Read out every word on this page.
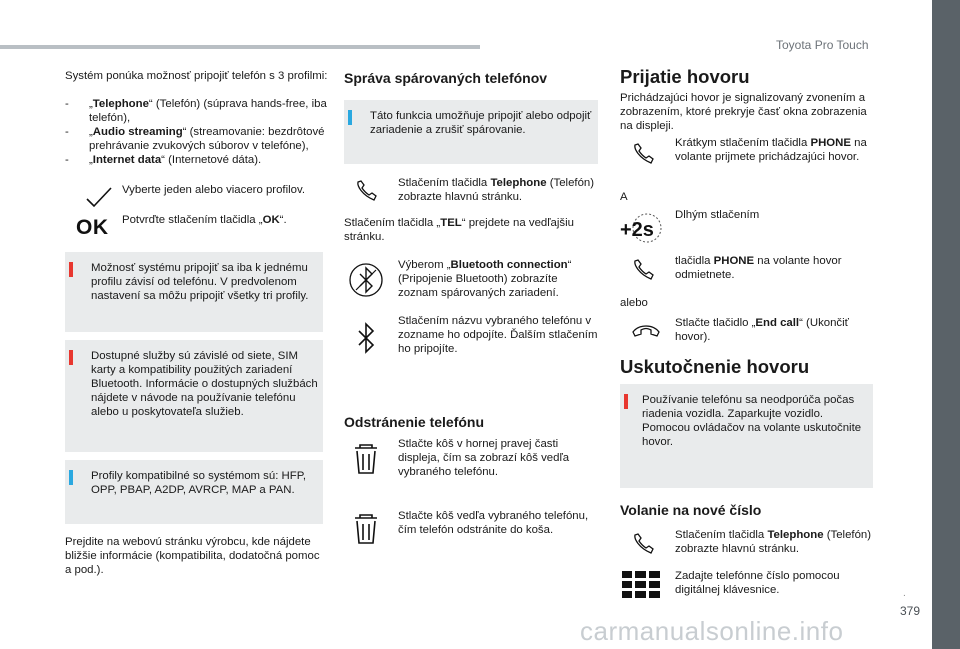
Toyota Pro Touch
.
379
carmanualsonline.info
Systém ponúka možnosť pripojiť telefón s 3 profilmi:
-	„Telephone“ (Telefón) (súprava hands-free, iba telefón),
-	„Audio streaming“ (streamovanie: bezdrôtové prehrávanie zvukových súborov v telefóne),
-	„Internet data“ (Internetové dáta).
Vyberte jeden alebo viacero profilov.
OK Potvrďte stlačením tlačidla „OK“.
Možnosť systému pripojiť sa iba k jednému profilu závisí od telefónu. V predvolenom nastavení sa môžu pripojiť všetky tri profily.
Dostupné služby sú závislé od siete, SIM karty a kompatibility použitých zariadení Bluetooth. Informácie o dostupných službách nájdete v návode na používanie telefónu alebo u poskytovateľa služieb.
Profily kompatibilné so systémom sú: HFP, OPP, PBAP, A2DP, AVRCP, MAP a PAN.
Prejdite na webovú stránku výrobcu, kde nájdete bližšie informácie (kompatibilita, dodatočná pomoc a pod.).
Správa spárovaných telefónov
Táto funkcia umožňuje pripojiť alebo odpojiť zariadenie a zrušiť spárovanie.
Stlačením tlačidla Telephone (Telefón) zobrazte hlavnú stránku.
Stlačením tlačidla „TEL“ prejdete na vedľajšiu stránku.
Výberom „Bluetooth connection“ (Pripojenie Bluetooth) zobrazíte zoznam spárovaných zariadení.
Stlačením názvu vybraného telefónu v zozname ho odpojíte. Ďalším stlačením ho pripojíte.
Odstránenie telefónu
Stlačte kôš v hornej pravej časti displeja, čím sa zobrazí kôš vedľa vybraného telefónu.
Stlačte kôš vedľa vybraného telefónu, čím telefón odstránite do koša.
Prijatie hovoru
Prichádzajúci hovor je signalizovaný zvonením a zobrazením, ktoré prekryje časť okna zobrazenia na displeji.
Krátkym stlačením tlačidla PHONE na volante prijmete prichádzajúci hovor.
A
+2s
Dlhým stlačením
tlačidla PHONE na volante hovor odmietnete.
alebo
Stlačte tlačidlo „End call“ (Ukončiť hovor).
Uskutočnenie hovoru
Používanie telefónu sa neodporúča počas riadenia vozidla. Zaparkujte vozidlo. Pomocou ovládačov na volante uskutočnite hovor.
Volanie na nové číslo
Stlačením tlačidla Telephone (Telefón) zobrazte hlavnú stránku.
Zadajte telefónne číslo pomocou digitálnej klávesnice.
